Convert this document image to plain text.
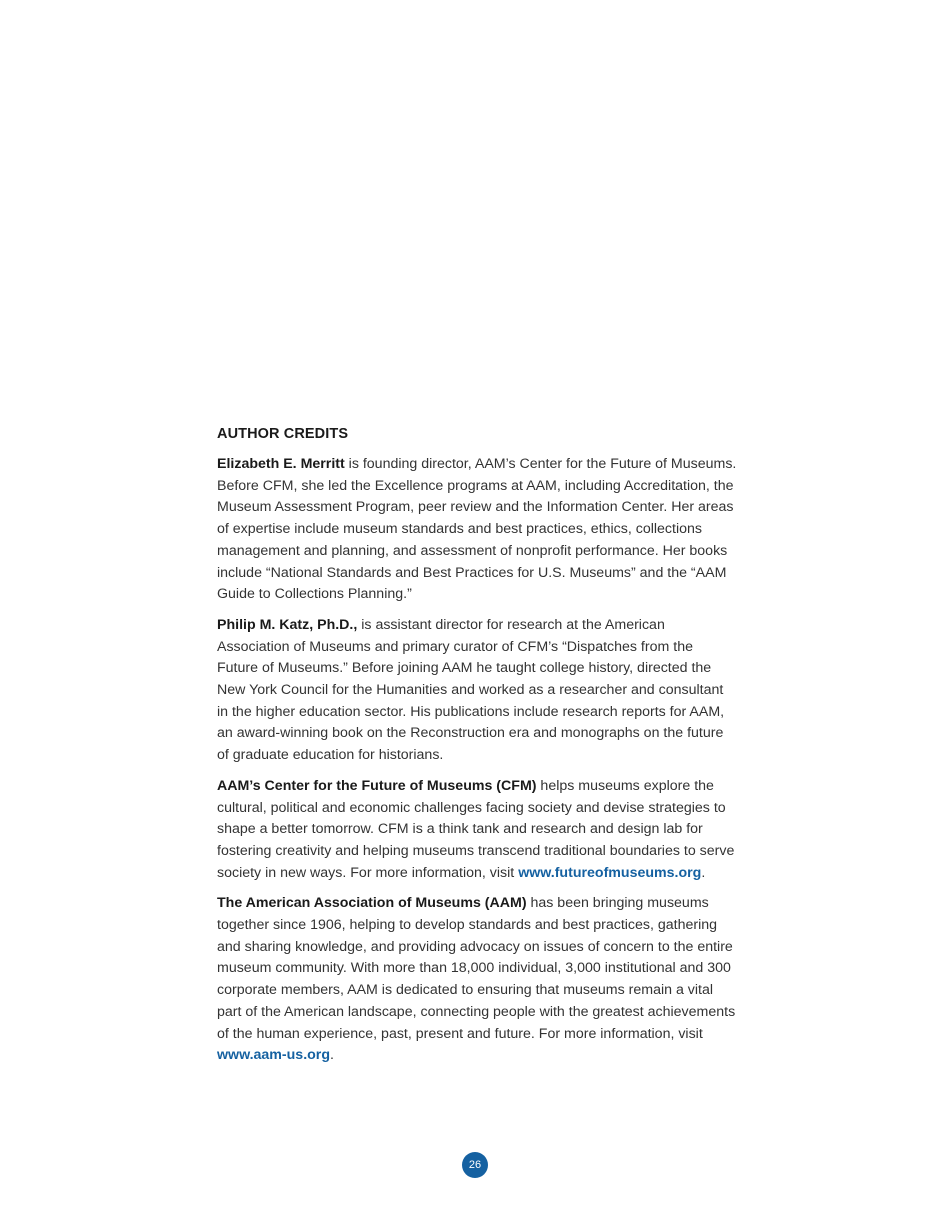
AUTHOR CREDITS

Elizabeth E. Merritt is founding director, AAM’s Center for the Future of Museums. Before CFM, she led the Excellence programs at AAM, including Accreditation, the Museum Assessment Program, peer review and the Information Center. Her areas of expertise include museum standards and best practices, ethics, collections management and planning, and assessment of nonprofit performance. Her books include “National Standards and Best Practices for U.S. Museums” and the “AAM Guide to Collections Planning.”

Philip M. Katz, Ph.D., is assistant director for research at the American Association of Museums and primary curator of CFM’s “Dispatches from the Future of Museums.” Before joining AAM he taught college history, directed the New York Council for the Humanities and worked as a researcher and consultant in the higher education sector. His publications include research reports for AAM, an award-winning book on the Reconstruction era and monographs on the future of graduate education for historians.

AAM’s Center for the Future of Museums (CFM) helps museums explore the cultural, political and economic challenges facing society and devise strategies to shape a better tomorrow. CFM is a think tank and research and design lab for fostering creativity and helping museums transcend traditional boundaries to serve society in new ways. For more information, visit www.futureofmuseums.org.

The American Association of Museums (AAM) has been bringing museums together since 1906, helping to develop standards and best practices, gathering and sharing knowledge, and providing advocacy on issues of concern to the entire museum community. With more than 18,000 individual, 3,000 institutional and 300 corporate members, AAM is dedicated to ensuring that museums remain a vital part of the American landscape, connecting people with the greatest achievements of the human experience, past, present and future. For more information, visit www.aam-us.org.

26
